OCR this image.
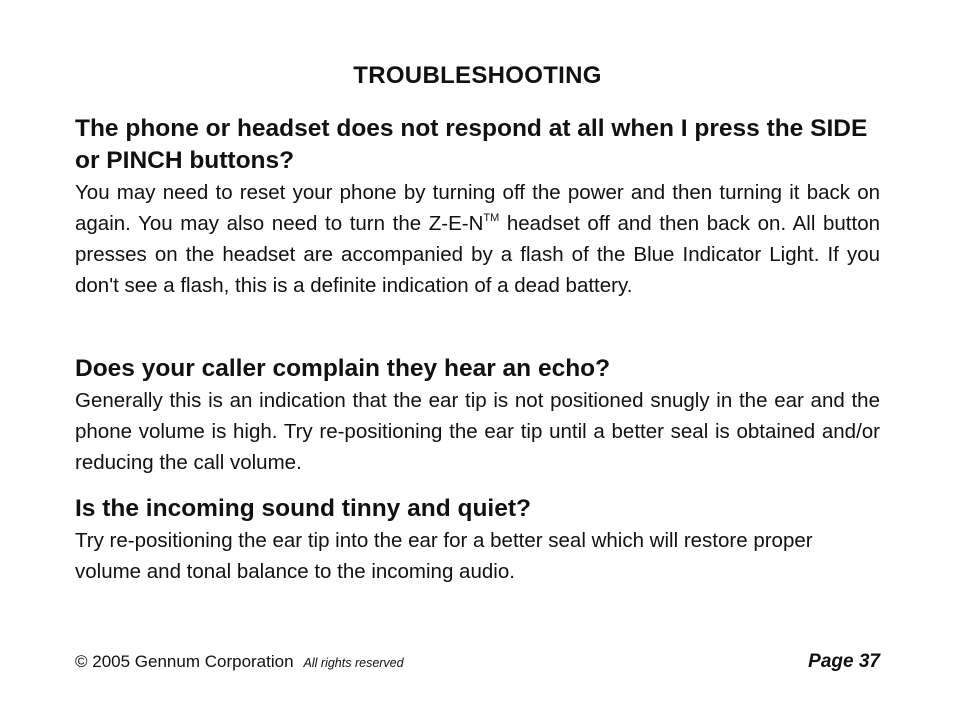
TROUBLESHOOTING

The phone or headset does not respond at all when I press the SIDE or PINCH buttons?

You may need to reset your phone by turning off the power and then turning it back on again. You may also need to turn the Z-E-N™ headset off and then back on. All button presses on the headset are accompanied by a flash of the Blue Indicator Light. If you don't see a flash, this is a definite indication of a dead battery.

Does your caller complain they hear an echo?

Generally this is an indication that the ear tip is not positioned snugly in the ear and the phone volume is high. Try re-positioning the ear tip until a better seal is obtained and/or reducing the call volume.

Is the incoming sound tinny and quiet?

Try re-positioning the ear tip into the ear for a better seal which will restore proper volume and tonal balance to the incoming audio.

© 2005 Gennum Corporation All rights reserved	Page 37
